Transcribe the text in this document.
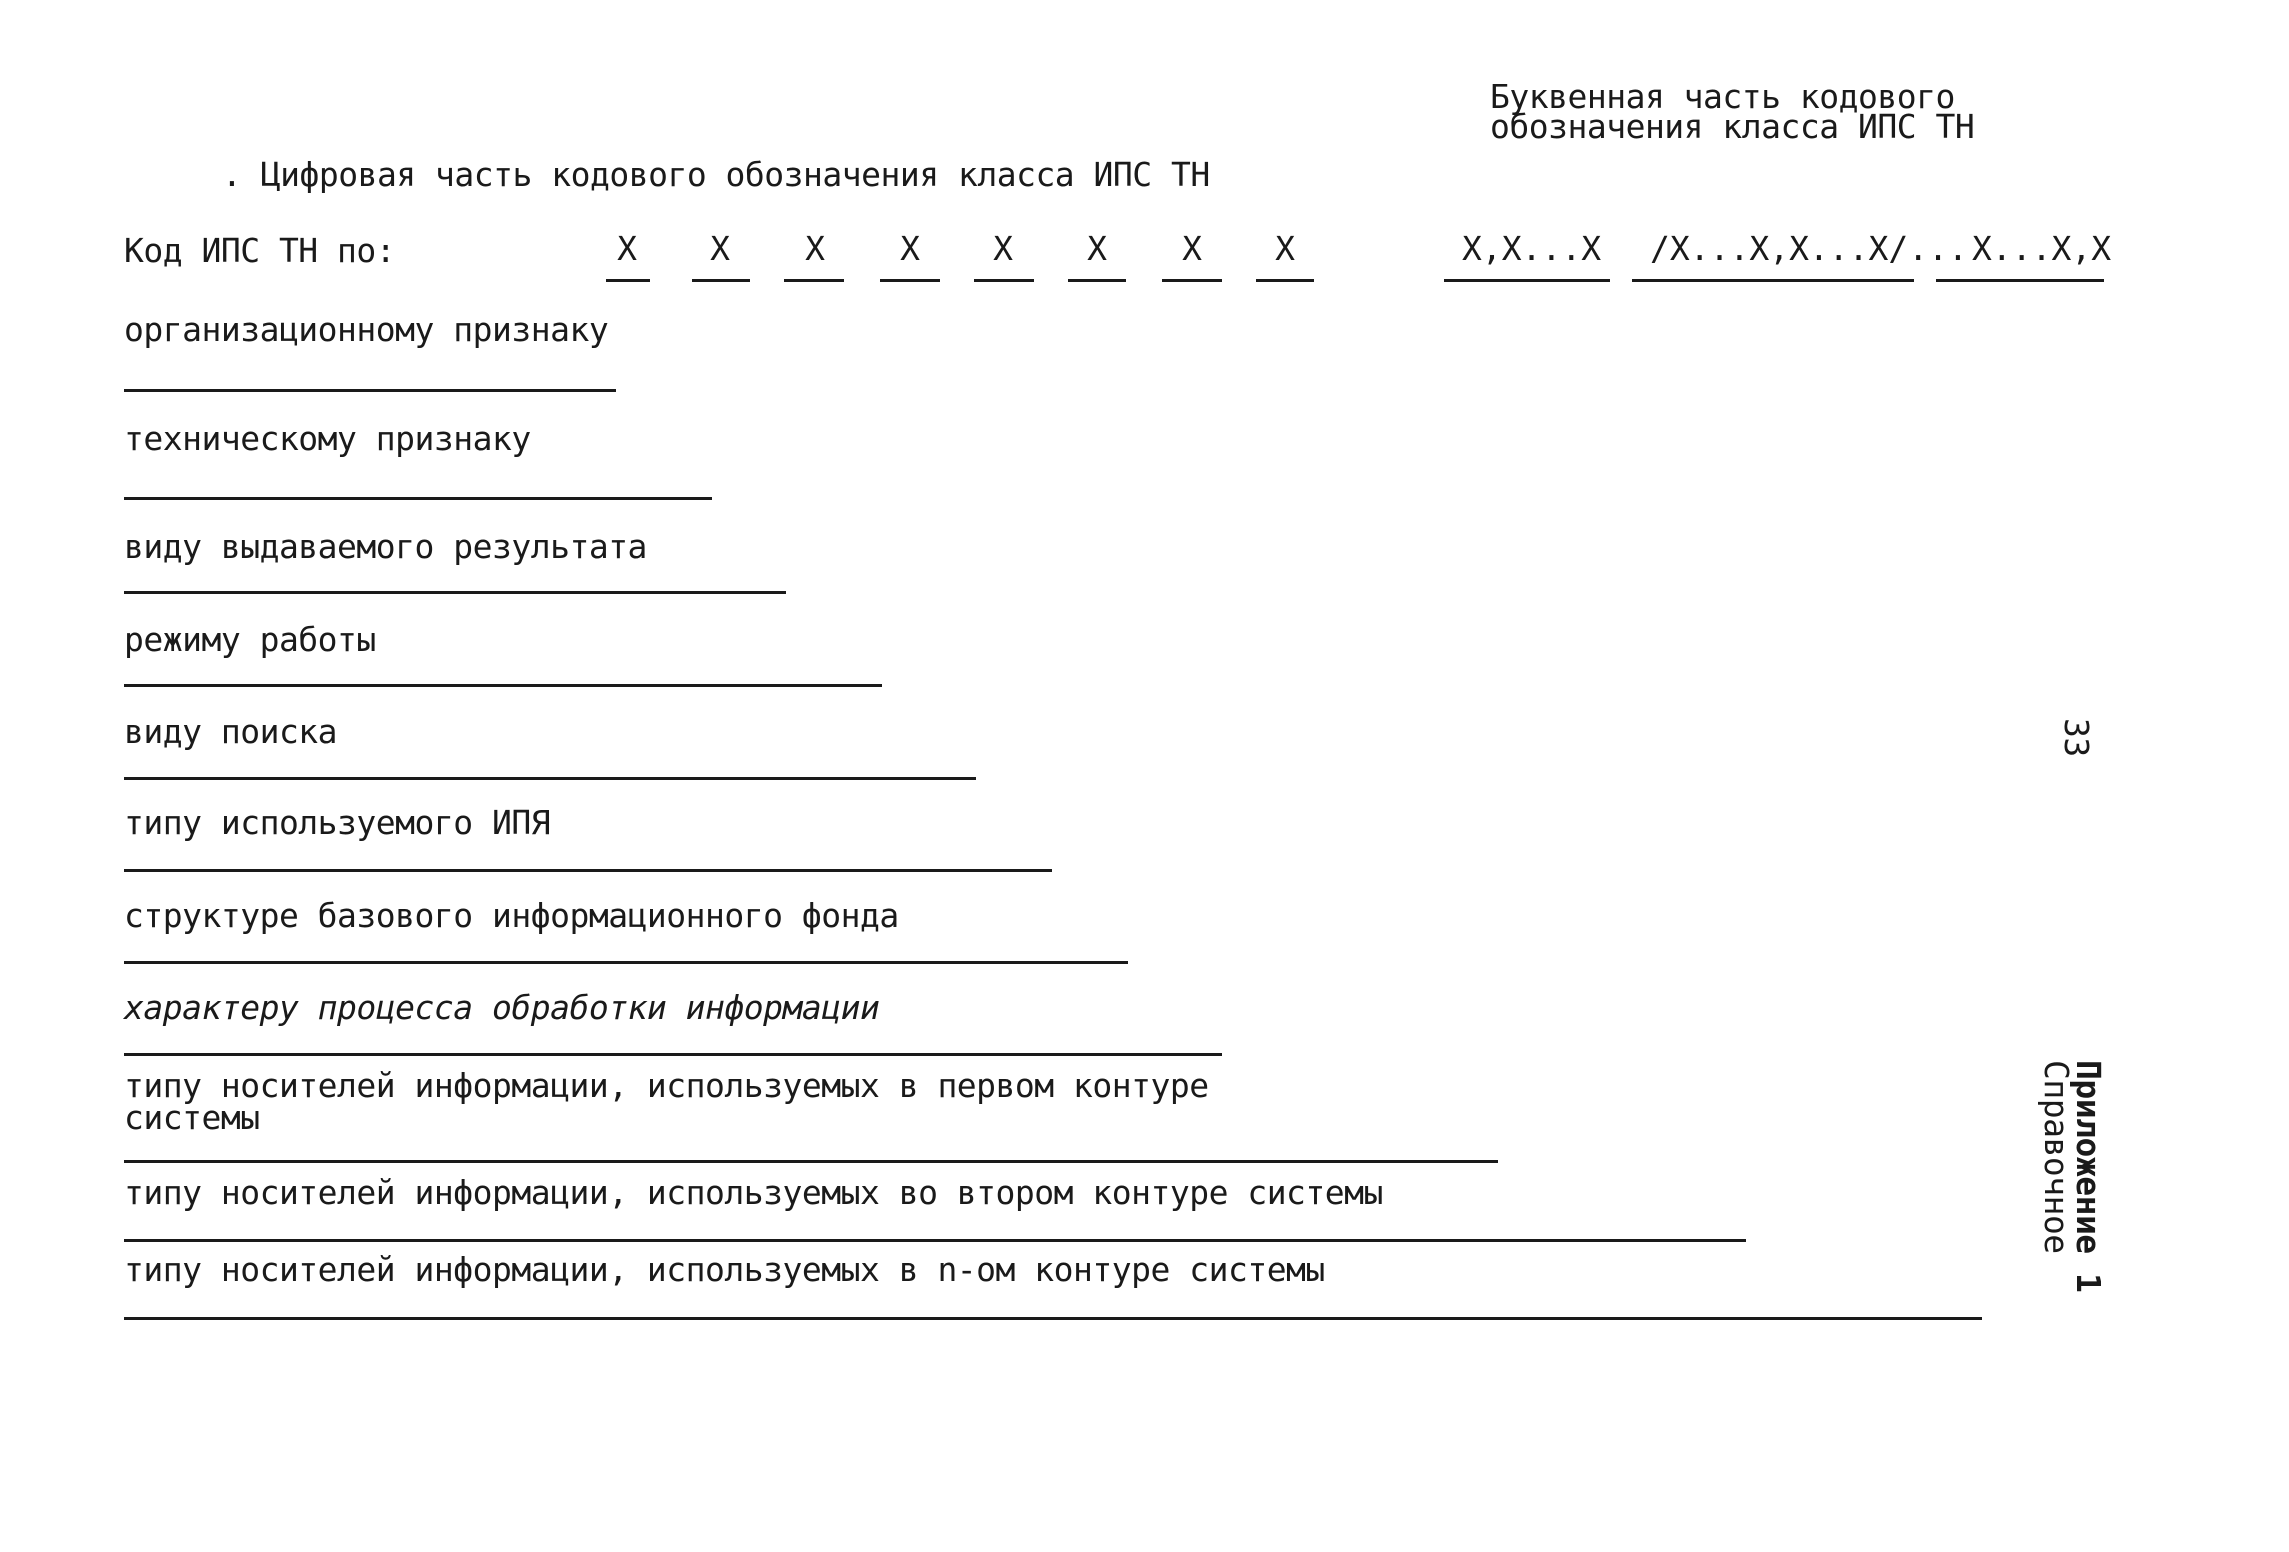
Буквенная часть кодового
обозначения класса ИПС ТН
. Цифровая часть кодового обозначения класса ИПС ТН
Код ИПС ТН по:	X X X X X X X X	X,X...X /X...X,X...X/... X...X,X
организационному признаку
техническому признаку
виду выдаваемого результата
режиму работы
виду поиска
типу используемого ИПЯ
структуре базового информационного фонда
характеру процесса обработки информации
типу носителей информации, используемых в первом контуре
системы
типу носителей информации, используемых во втором контуре системы
типу носителей информации, используемых в n-ом контуре системы
33
Приложение 1
Справочное
